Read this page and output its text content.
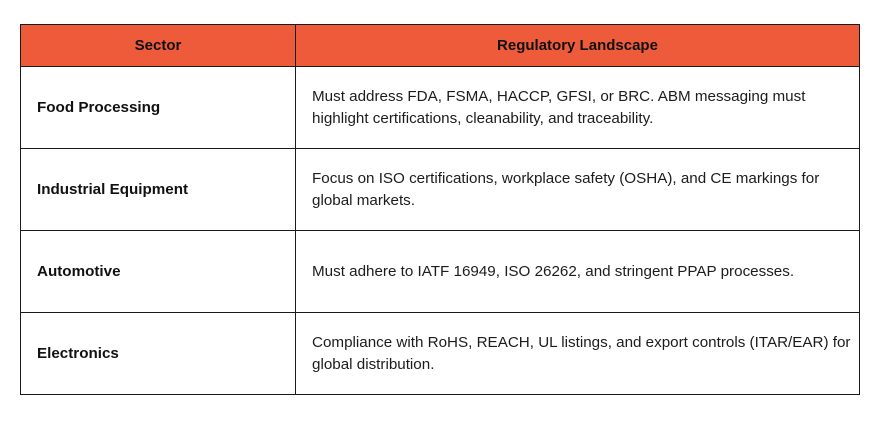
Sector	Regulatory Landscape
Food Processing	Must address FDA, FSMA, HACCP, GFSI, or BRC. ABM messaging must highlight certifications, cleanability, and traceability.
Industrial Equipment	Focus on ISO certifications, workplace safety (OSHA), and CE markings for global markets.
Automotive	Must adhere to IATF 16949, ISO 26262, and stringent PPAP processes.
Electronics	Compliance with RoHS, REACH, UL listings, and export controls (ITAR/EAR) for global distribution.
